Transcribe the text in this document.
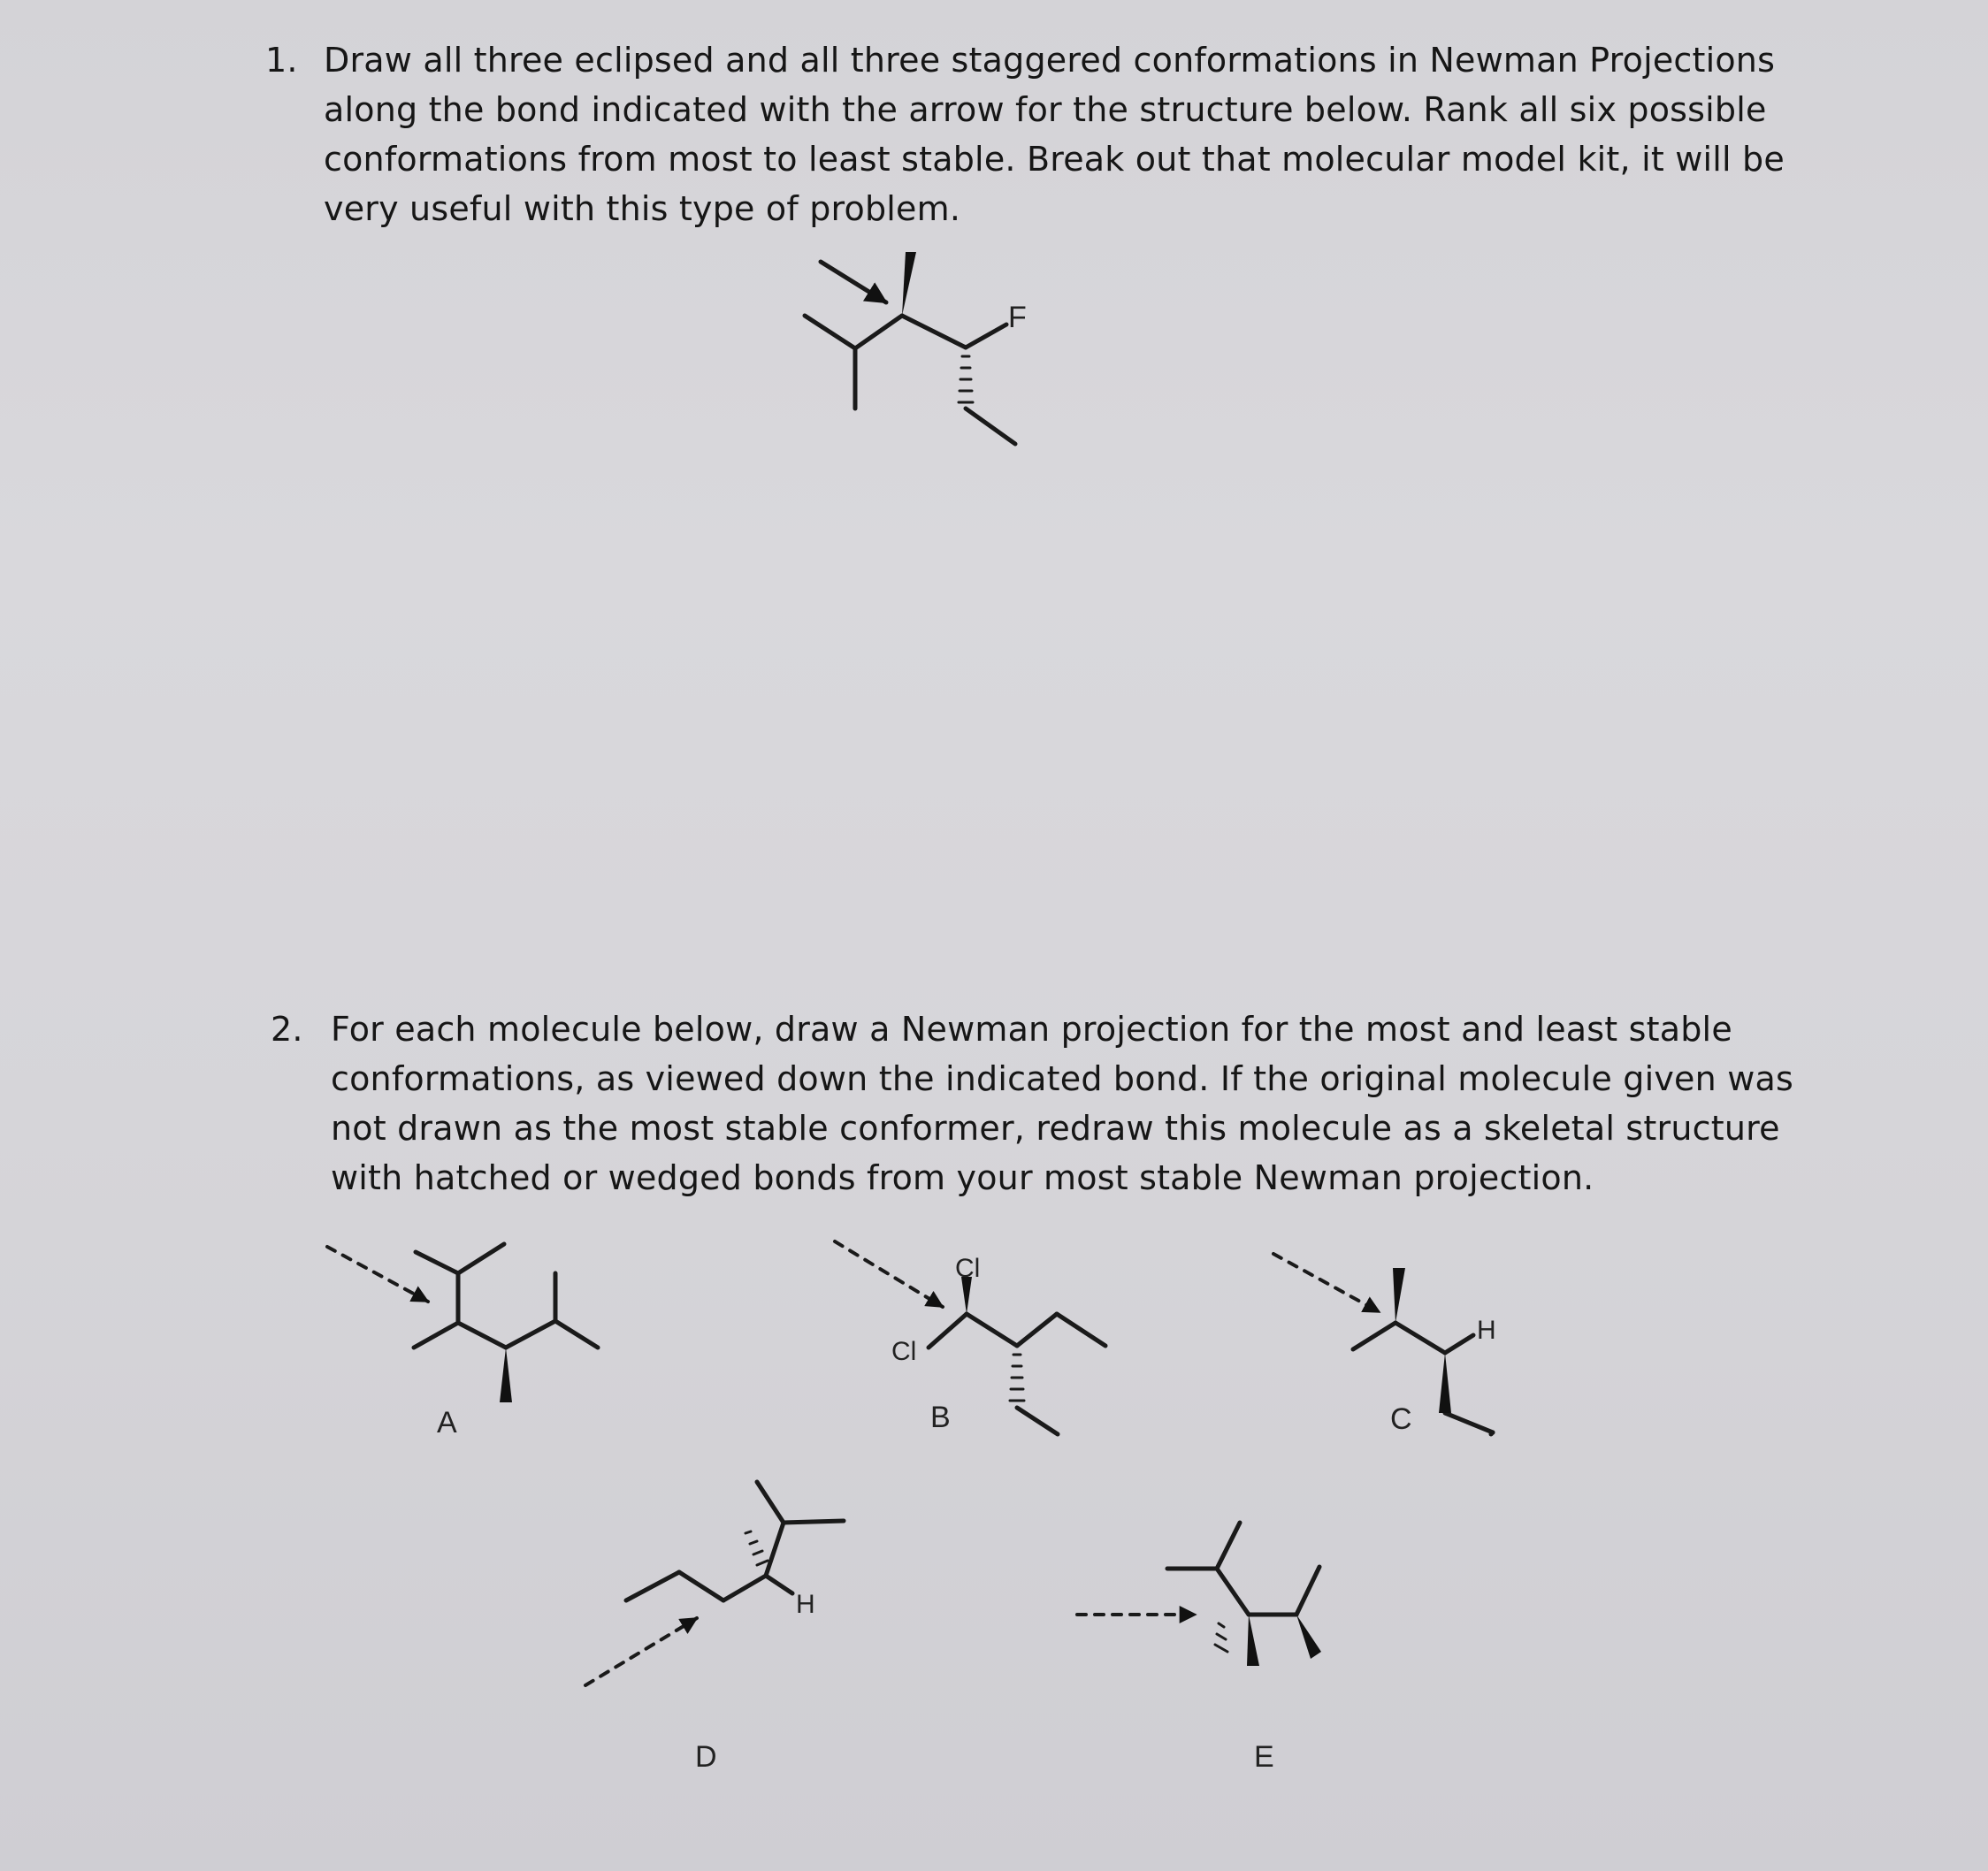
1. Draw all three eclipsed and all three staggered conformations in Newman Projections
along the bond indicated with the arrow for the structure below. Rank all six possible
conformations from most to least stable. Break out that molecular model kit, it will be
very useful with this type of problem.
2. For each molecule below, draw a Newman projection for the most and least stable
conformations, as viewed down the indicated bond. If the original molecule given was
not drawn as the most stable conformer, redraw this molecule as a skeletal structure
with hatched or wedged bonds from your most stable Newman projection.
F
A
Cl
Cl
B
H
C
H
D	E
